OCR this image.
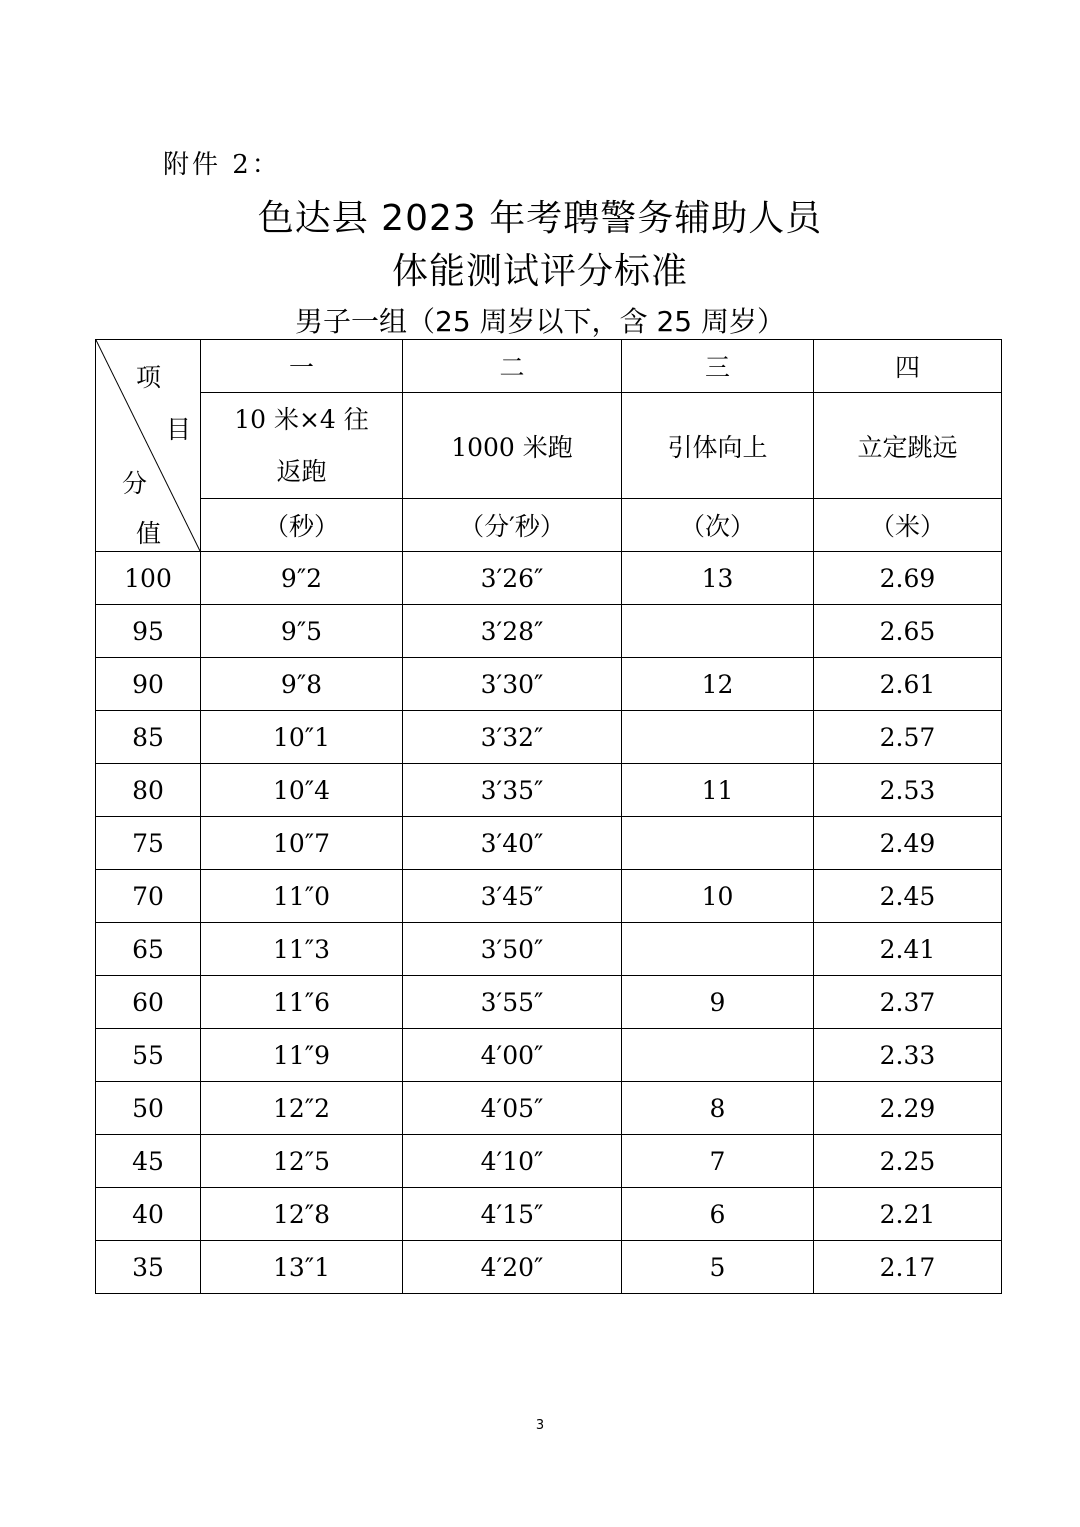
附件 2：
色达县 2023 年考聘警务辅助人员
体能测试评分标准
男子一组（25 周岁以下，含 25 周岁）
项
目
分
值	一	二	三	四
	10 米×4 往返跑	1000 米跑	引体向上	立定跳远
	（秒）	（分′秒）	（次）	（米）
100	9″2	3′26″	13	2.69
95	9″5	3′28″		2.65
90	9″8	3′30″	12	2.61
85	10″1	3′32″		2.57
80	10″4	3′35″	11	2.53
75	10″7	3′40″		2.49
70	11″0	3′45″	10	2.45
65	11″3	3′50″		2.41
60	11″6	3′55″	9	2.37
55	11″9	4′00″		2.33
50	12″2	4′05″	8	2.29
45	12″5	4′10″	7	2.25
40	12″8	4′15″	6	2.21
35	13″1	4′20″	5	2.17
3
